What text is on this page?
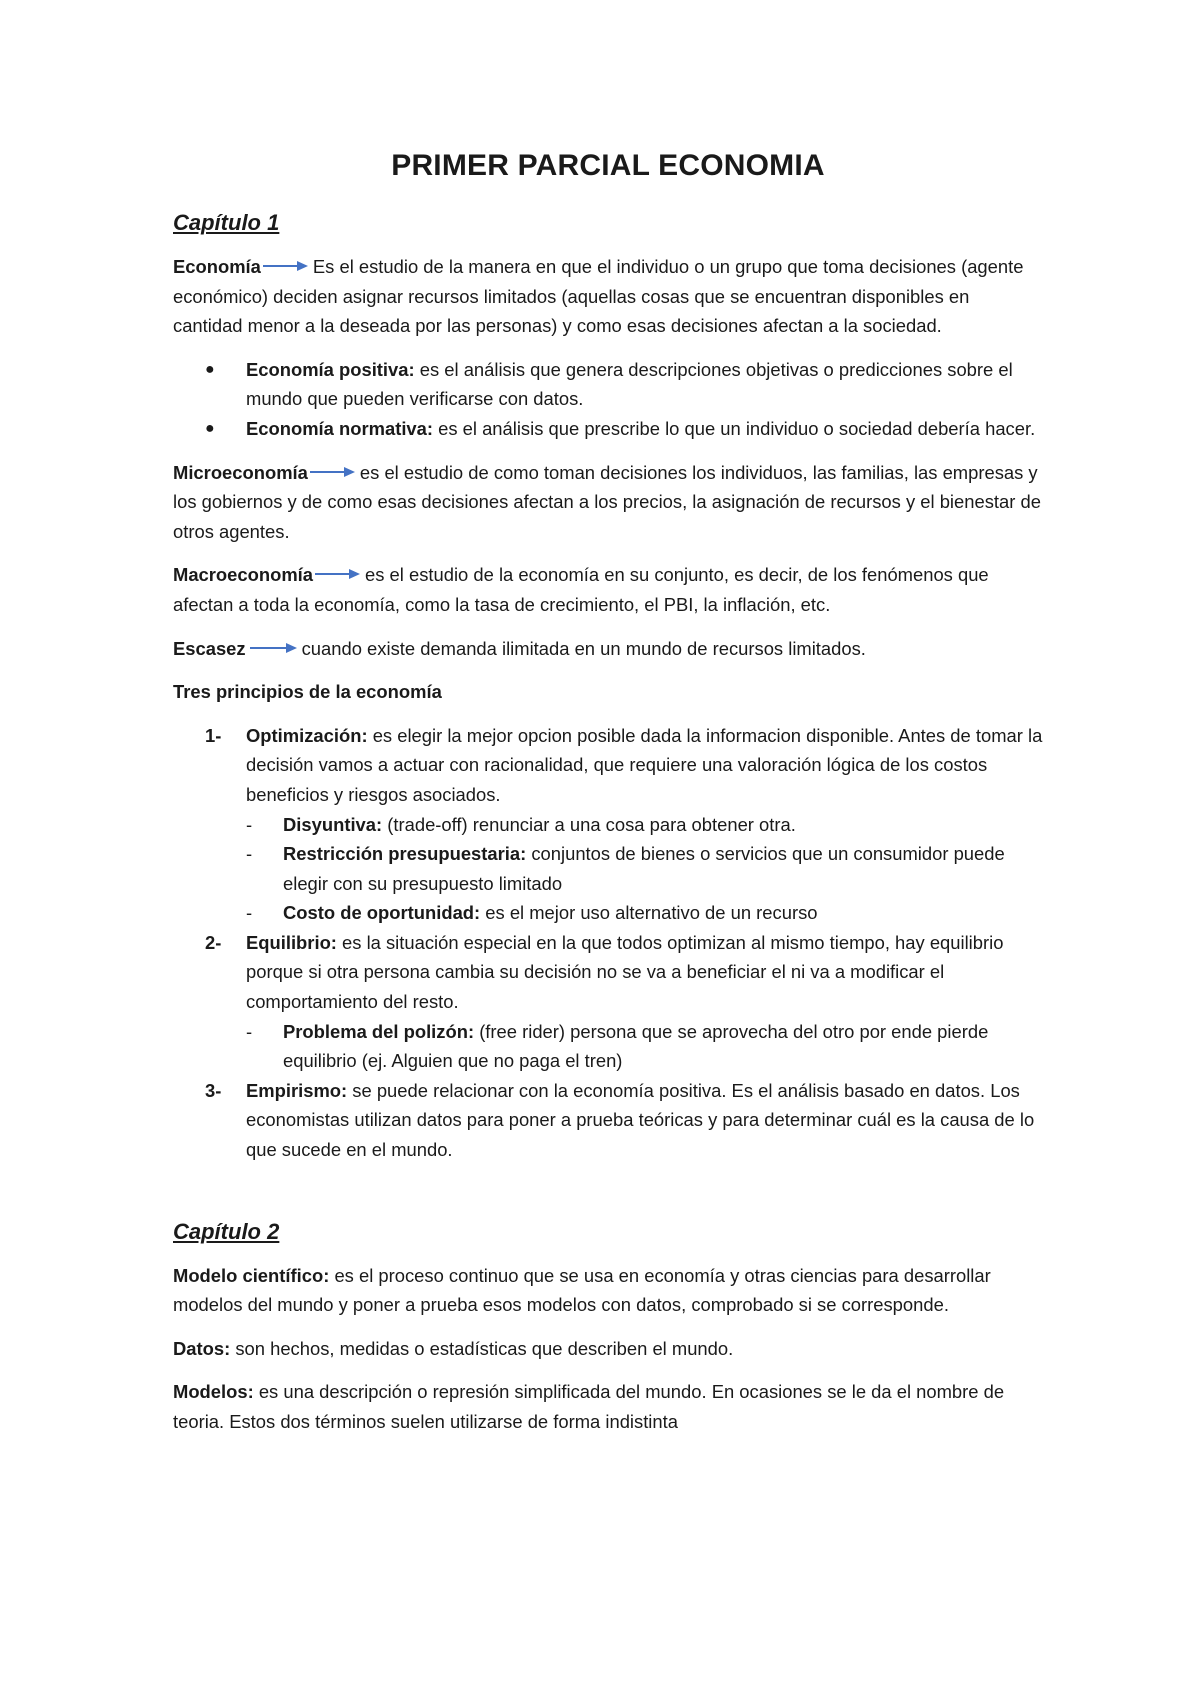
PRIMER PARCIAL ECONOMIA
Capítulo 1

Economía	Es el estudio de la manera en que el individuo o un grupo que toma decisiones (agente económico) deciden asignar recursos limitados (aquellas cosas que se encuentran disponibles en cantidad menor a la deseada por las personas) y como esas decisiones afectan a la sociedad.

● Economía positiva: es el análisis que genera descripciones objetivas o predicciones sobre el mundo que pueden verificarse con datos.
● Economía normativa: es el análisis que prescribe lo que un individuo o sociedad debería hacer.

Microeconomía	es el estudio de como toman decisiones los individuos, las familias, las empresas y los gobiernos y de como esas decisiones afectan a los precios, la asignación de recursos y el bienestar de otros agentes.

Macroeconomía	es el estudio de la economía en su conjunto, es decir, de los fenómenos que afectan a toda la economía, como la tasa de crecimiento, el PBI, la inflación, etc.

Escasez	cuando existe demanda ilimitada en un mundo de recursos limitados.

Tres principios de la economía

1- Optimización: es elegir la mejor opcion posible dada la informacion disponible. Antes de tomar la decisión vamos a actuar con racionalidad, que requiere una valoración lógica de los costos beneficios y riesgos asociados.
- Disyuntiva: (trade-off) renunciar a una cosa para obtener otra.
- Restricción presupuestaria: conjuntos de bienes o servicios que un consumidor puede elegir con su presupuesto limitado
- Costo de oportunidad: es el mejor uso alternativo de un recurso
2- Equilibrio: es la situación especial en la que todos optimizan al mismo tiempo, hay equilibrio porque si otra persona cambia su decisión no se va a beneficiar el ni va a modificar el comportamiento del resto.
- Problema del polizón: (free rider) persona que se aprovecha del otro por ende pierde equilibrio (ej. Alguien que no paga el tren)
3- Empirismo: se puede relacionar con la economía positiva. Es el análisis basado en datos. Los economistas utilizan datos para poner a prueba teóricas y para determinar cuál es la causa de lo que sucede en el mundo.
Capítulo 2

Modelo científico: es el proceso continuo que se usa en economía y otras ciencias para desarrollar modelos del mundo y poner a prueba esos modelos con datos, comprobado si se corresponde.

Datos: son hechos, medidas o estadísticas que describen el mundo.

Modelos: es una descripción o represión simplificada del mundo. En ocasiones se le da el nombre de teoria. Estos dos términos suelen utilizarse de forma indistinta
